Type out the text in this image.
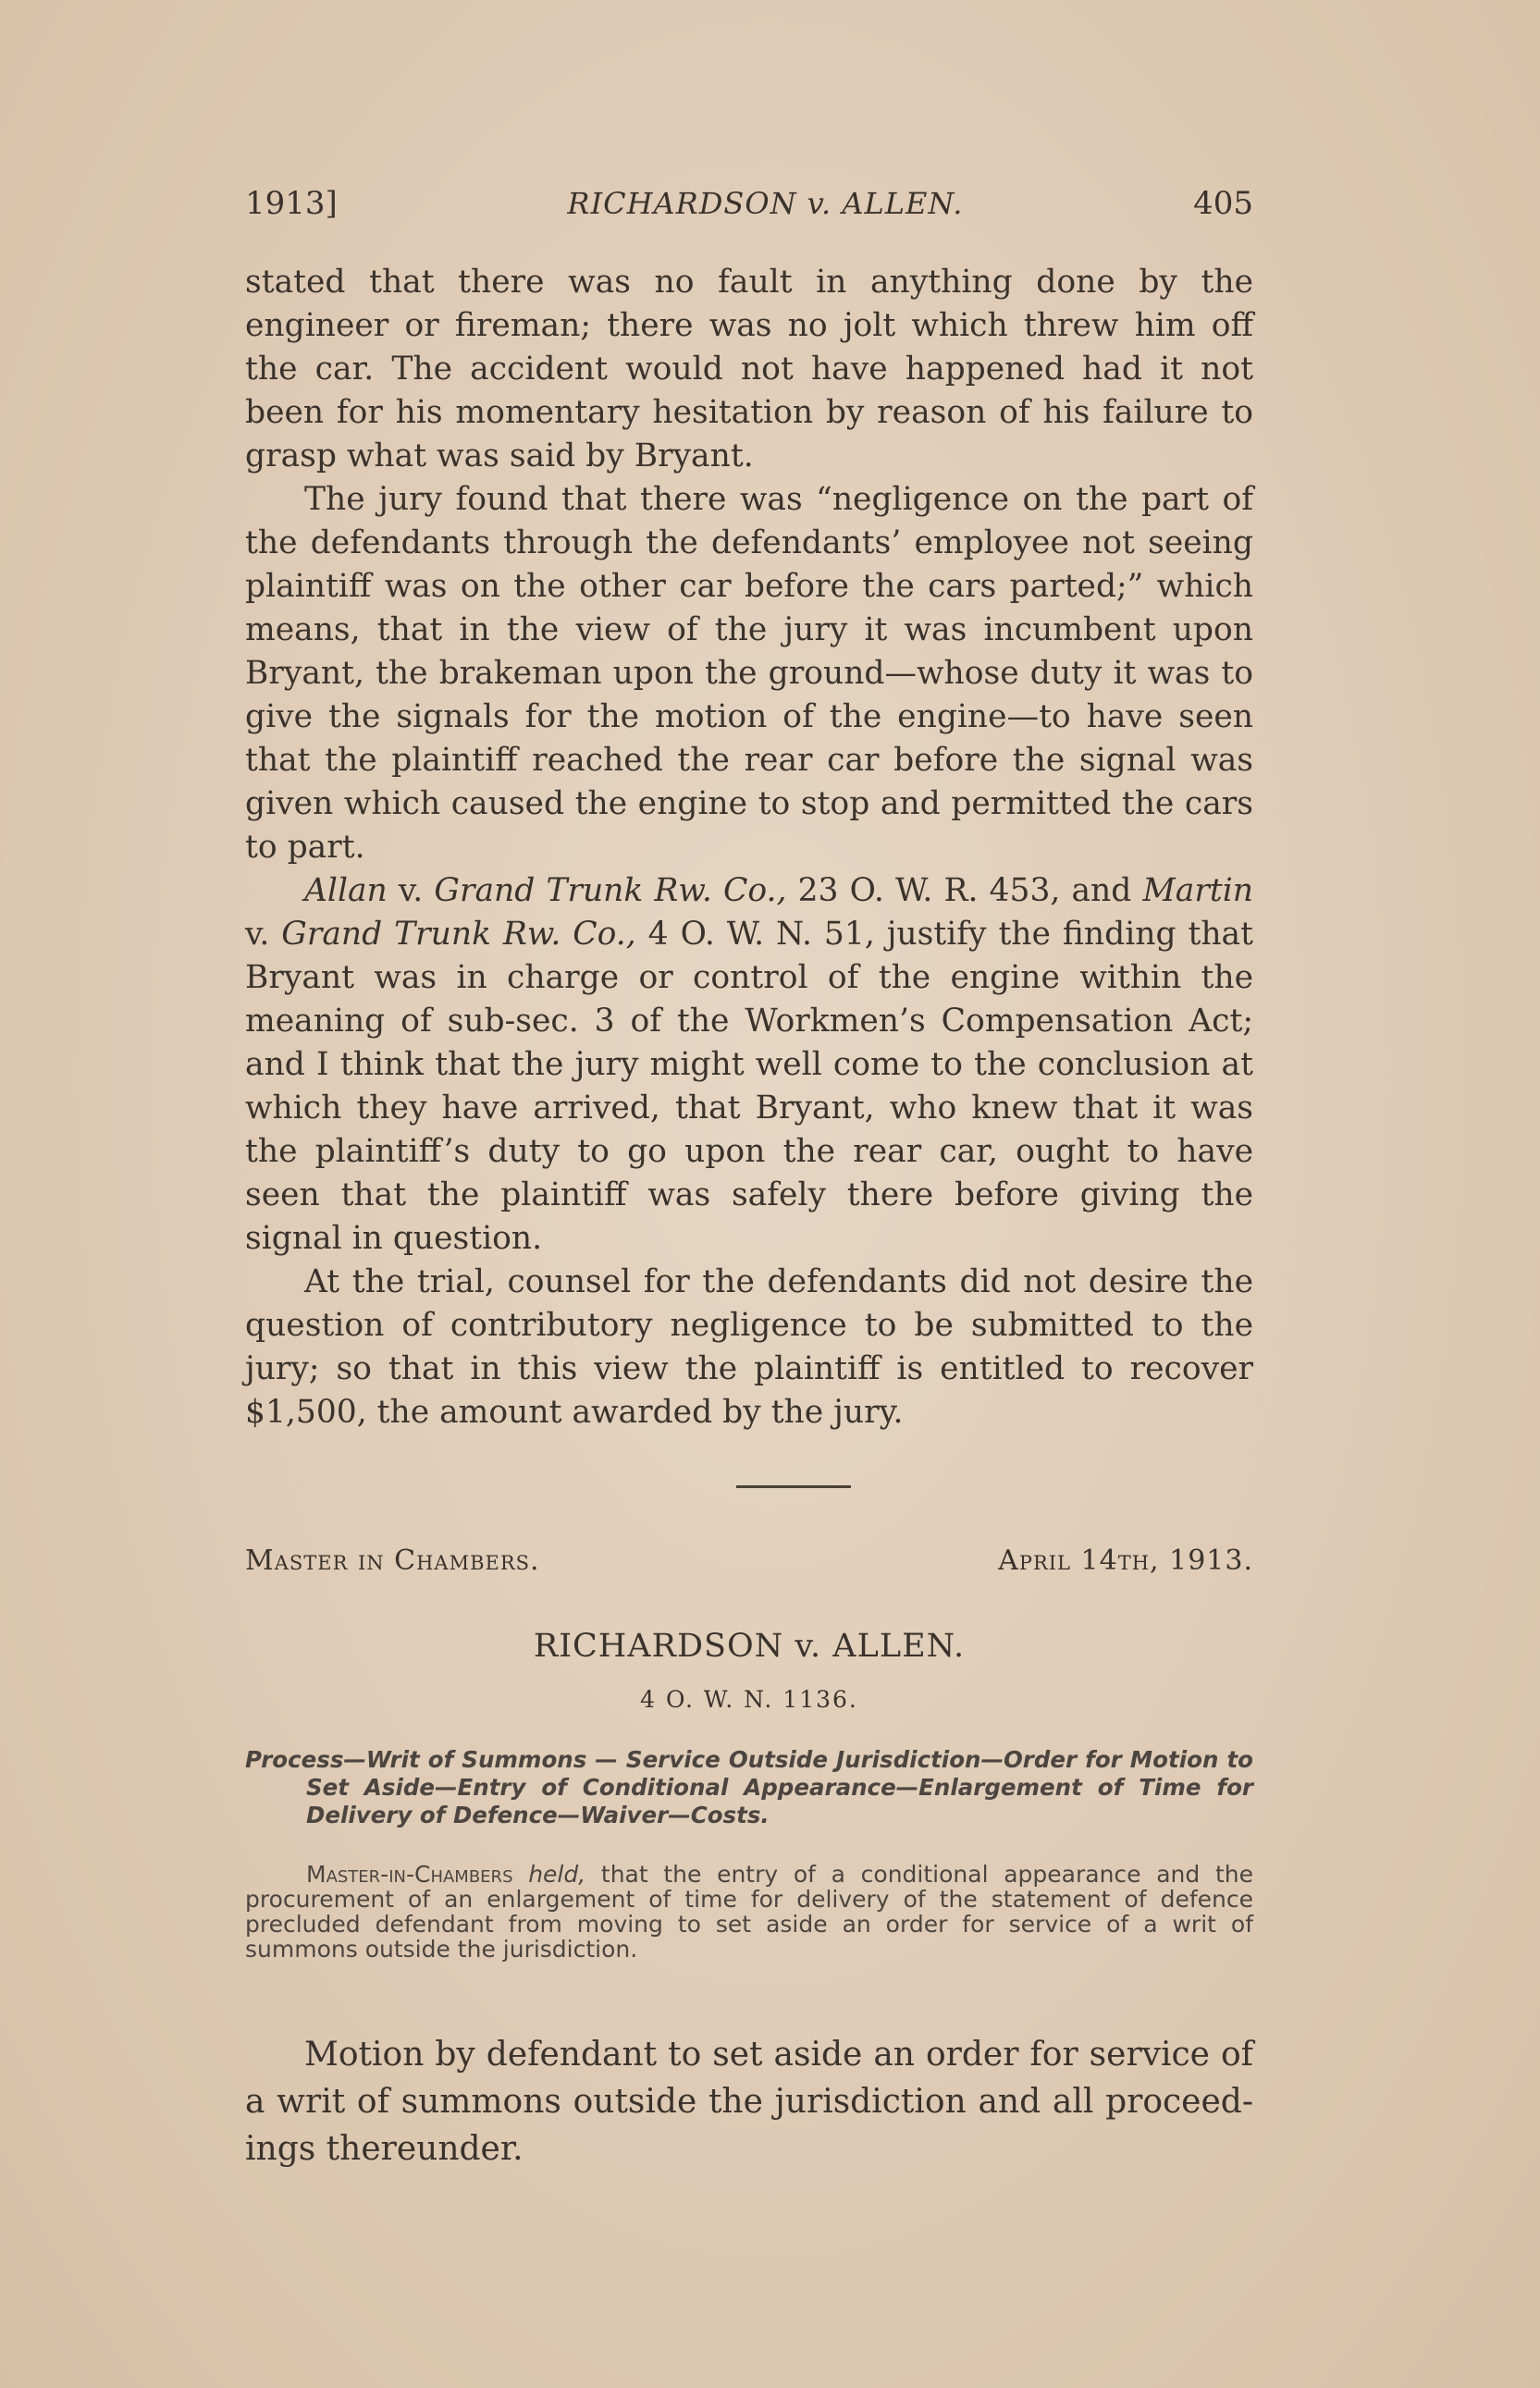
1913]	RICHARDSON v. ALLEN.	405

stated that there was no fault in anything done by the engineer or fireman; there was no jolt which threw him off the car. The accident would not have happened had it not been for his momentary hesitation by reason of his failure to grasp what was said by Bryant.

The jury found that there was “negligence on the part of the defendants through the defendants’ employee not seeing plaintiff was on the other car before the cars parted;” which means, that in the view of the jury it was incumbent upon Bryant, the brakeman upon the ground—whose duty it was to give the signals for the motion of the engine—to have seen that the plaintiff reached the rear car before the signal was given which caused the engine to stop and permitted the cars to part.

Allan v. Grand Trunk Rw. Co., 23 O. W. R. 453, and Martin v. Grand Trunk Rw. Co., 4 O. W. N. 51, justify the finding that Bryant was in charge or control of the engine within the meaning of sub-sec. 3 of the Workmen’s Compensation Act; and I think that the jury might well come to the conclusion at which they have arrived, that Bryant, who knew that it was the plaintiff’s duty to go upon the rear car, ought to have seen that the plaintiff was safely there before giving the signal in question.

At the trial, counsel for the defendants did not desire the question of contributory negligence to be submitted to the jury; so that in this view the plaintiff is entitled to recover $1,500, the amount awarded by the jury.

Master in Chambers.	April 14th, 1913.
RICHARDSON v. ALLEN.
4 O. W. N. 1136.

Process—Writ of Summons — Service Outside Jurisdiction—Order for Motion to Set Aside—Entry of Conditional Appearance—Enlargement of Time for Delivery of Defence—Waiver—Costs.

Master-in-Chambers held, that the entry of a conditional appearance and the procurement of an enlargement of time for delivery of the statement of defence precluded defendant from moving to set aside an order for service of a writ of summons outside the jurisdiction.

Motion by defendant to set aside an order for service of a writ of summons outside the jurisdiction and all proceedings thereunder.
